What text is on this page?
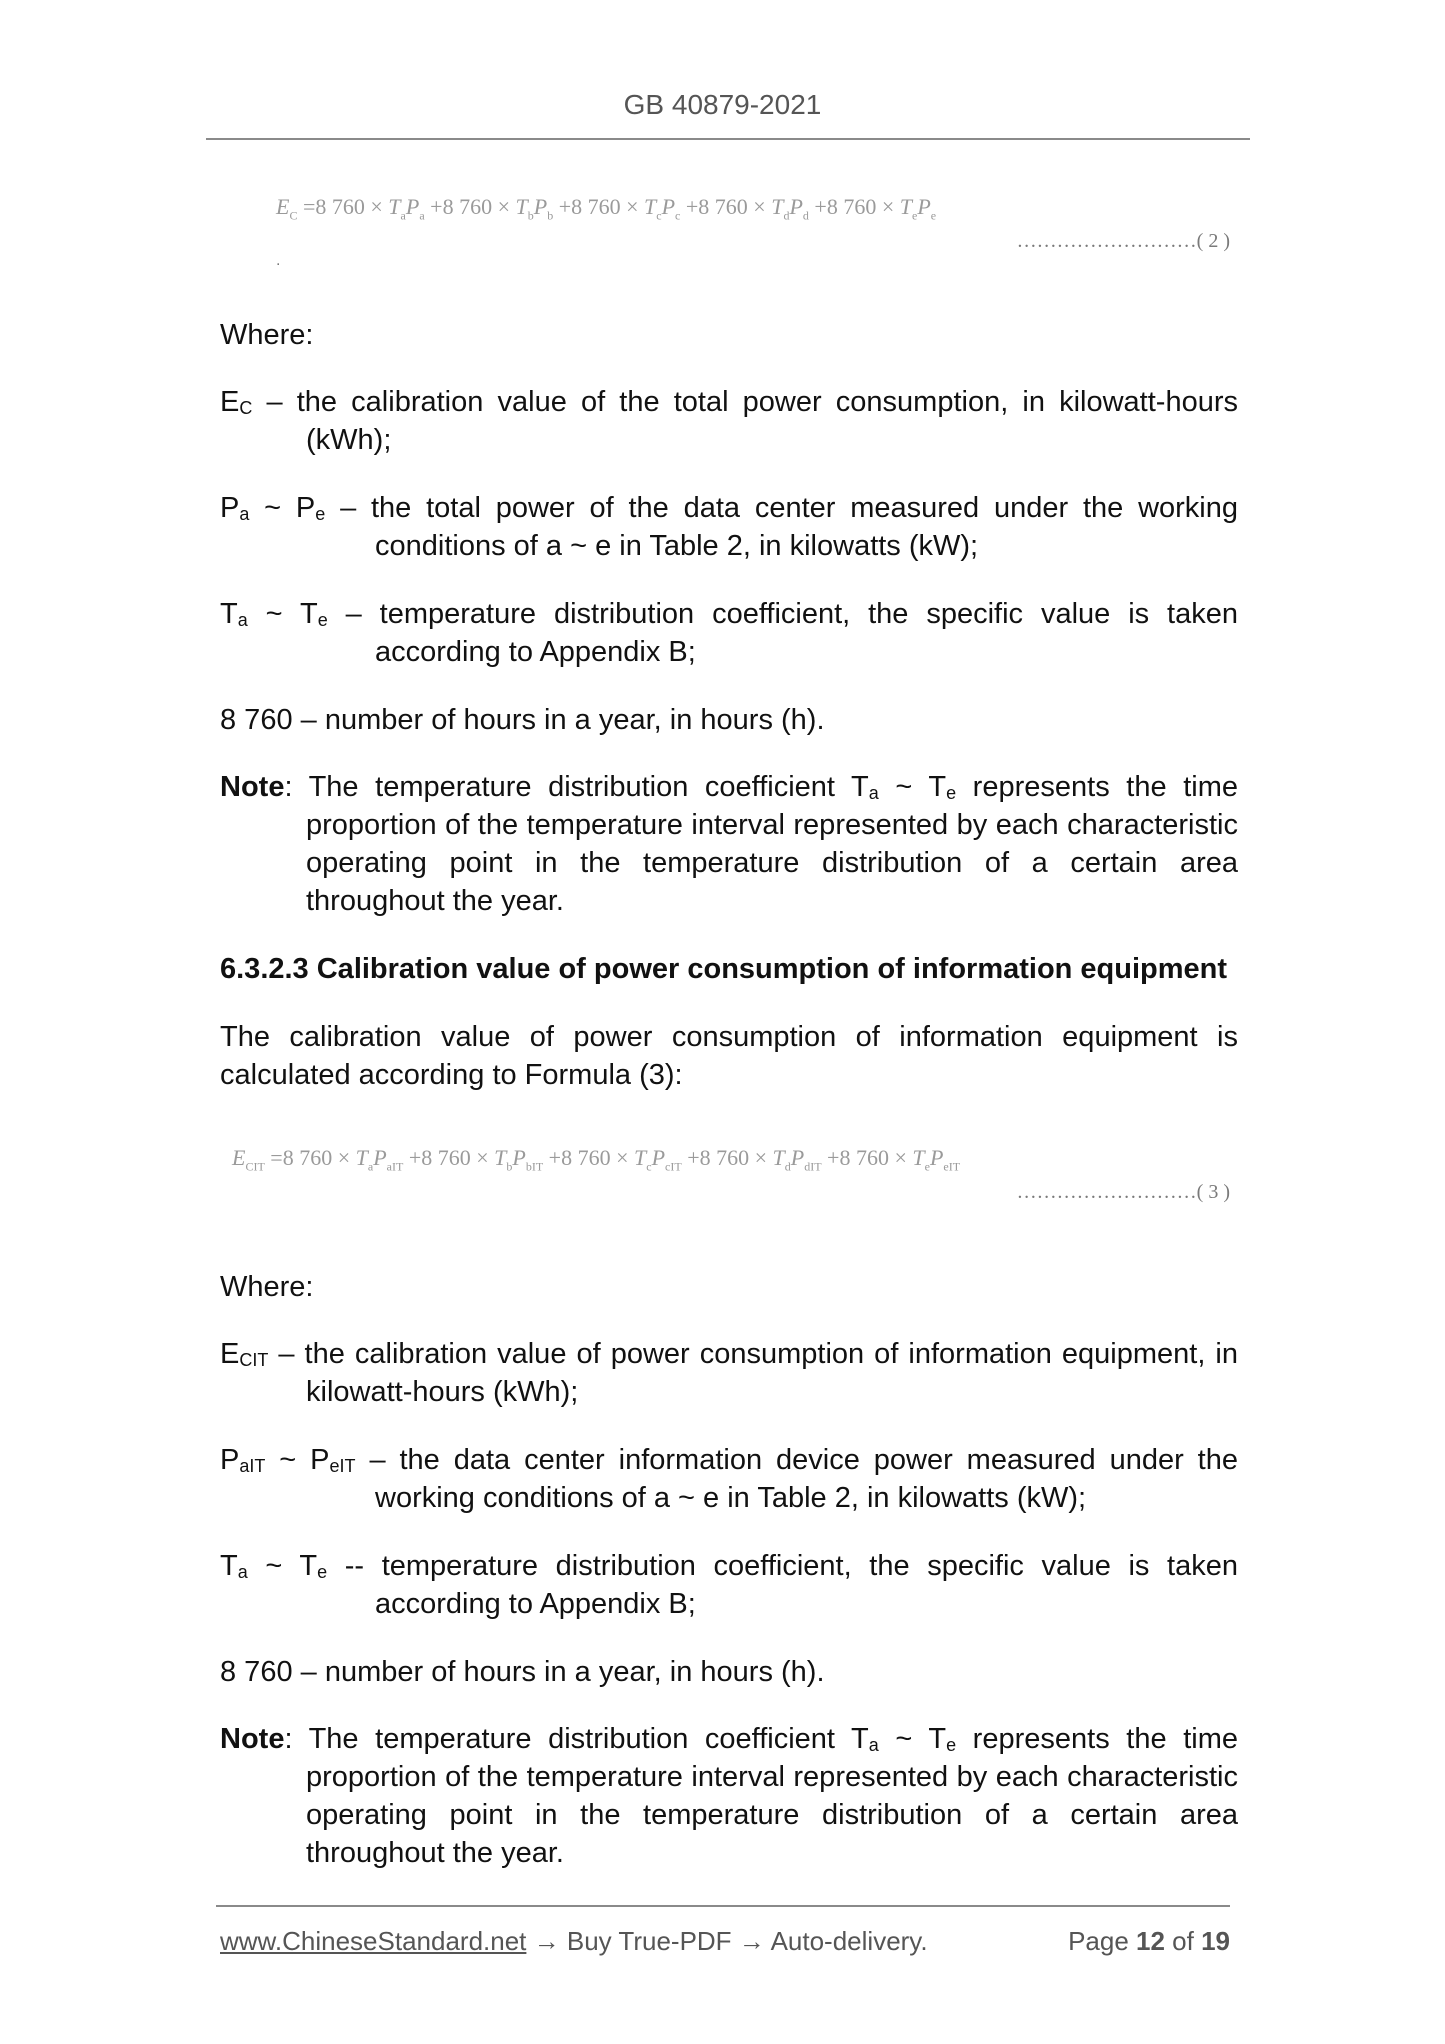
GB 40879-2021
$E_C =8$ $760 \times T_aP_a +8$ $760 \times T_bP_b +8$ $760 \times T_cP_c +8$ $760 \times T_dP_d +8$ $760 \times T_eP_e$
………………………( 2 )
.
Where:
EC – the calibration value of the total power consumption, in kilowatt-hours
(kWh);
Pa ~ Pe – the total power of the data center measured under the working
conditions of a ~ e in Table 2, in kilowatts (kW);
Ta ~ Te – temperature distribution coefficient, the specific value is taken
according to Appendix B;
8 760 – number of hours in a year, in hours (h).
Note: The temperature distribution coefficient Ta ~ Te represents the time
proportion of the temperature interval represented by each characteristic
operating point in the temperature distribution of a certain area
throughout the year.
6.3.2.3 Calibration value of power consumption of information equipment
The calibration value of power consumption of information equipment is
calculated according to Formula (3):
$E_{CIT} =8$ $760 \times T_aP_{aIT} +8$ $760 \times T_bP_{bIT} +8$ $760 \times T_cP_{cIT} +8$ $760 \times T_dP_{dIT} +8$ $760 \times T_eP_{eIT}$
………………………( 3 )
Where:
ECIT – the calibration value of power consumption of information equipment, in
kilowatt-hours (kWh);
PaIT ~ PeIT – the data center information device power measured under the
working conditions of a ~ e in Table 2, in kilowatts (kW);
Ta ~ Te -- temperature distribution coefficient, the specific value is taken
according to Appendix B;
8 760 – number of hours in a year, in hours (h).
Note: The temperature distribution coefficient Ta ~ Te represents the time
proportion of the temperature interval represented by each characteristic
operating point in the temperature distribution of a certain area
throughout the year.
www.ChineseStandard.net → Buy True-PDF → Auto-delivery.	Page 12 of 19
